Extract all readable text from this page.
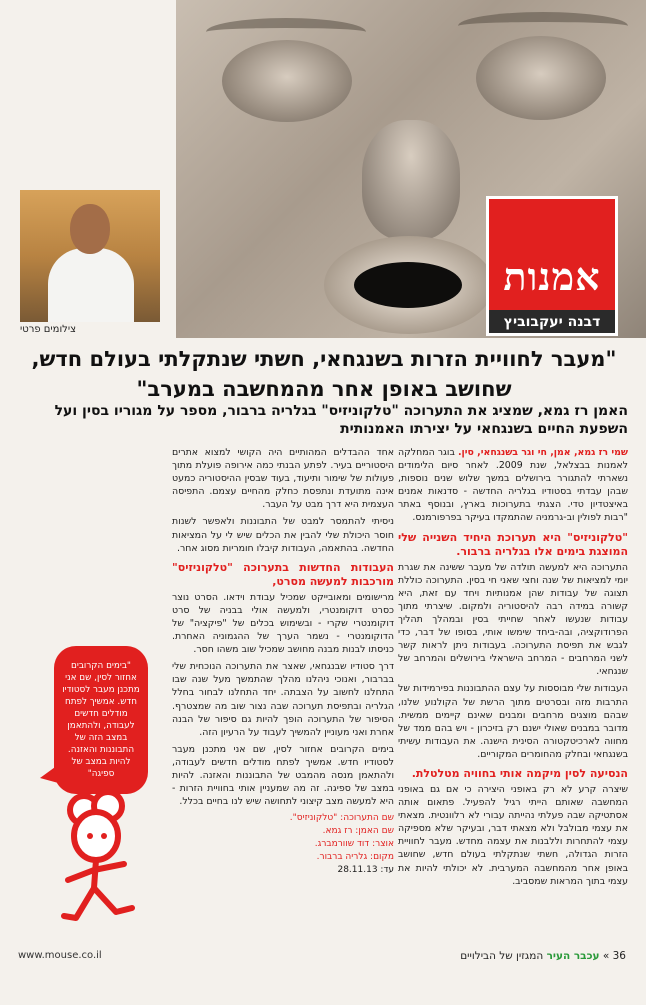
אמנות
דבנה יעקבוביץ
צילומים פרטי
"מעבר לחוויית הזרות בשנגחאי, חשתי שנתקלתי בעולם חדש, שחושב באופן אחר מהמחשבה במערב"
האמן רז גמא, שמציג את התערוכה "טלקוניזיס" בגלריה ברבור, מספר על מגוריו בסין ועל השפעת החיים בשנגחאי על יצירתו האמנותית

שמי רז גמא, אמן, חי וגר בשנגחאי, סין. בוגר המחלקה לאמנות בבצלאל, שנת 2009. לאחר סיום הלימודים נשארתי להתגורר בירושלים במשך שלוש שנים נוספות, שבהן עבדתי בסטודיו בגלריה החדשה - סדנאות אמנים באיצטדיון טדי. הצגתי בתערוכות בארץ, ובנוסף באתר "רבות לפולין וב-גרמניה שהתמקדו בעיקר בפרפורמנס.

"טלקוניזיס" היא תערוכת היחיד השנייה שלי המוצגת בימים אלו בגלריה ברבור.

התערוכה היא למעשה תולדה של מעבר ששינה את שגרת יומי למציאות של שנה וחצי שאני חי בסין. התערוכה כוללת תצוגה של עבודות שהן אמנותיות ויחד עם זאת, היא קשורה במידה רבה להיסטוריה ולמקום. שיצרתי מתוך עבודות שנעשו לאחר שחייתי בסין ובמהלך תהליך הפרודוקציה, ובה-ביחד שימשו אותי, בסופו של דבר, כדי לגבש את תפיסת התערוכה. בעבודות ניתן לראות קשר לשני המרחבים - המרחב הישראלי בירושלים והמרחב של שנגחאי.

העבודות שלי מבוססות על עצם ההתבוננות בפירמידות של התרבות מזה ובסרטים מתוך הרשת של הקולנוע שלנו, שבהם מוצגים מרחבים ומבנים שאינם קיימים ממשית. מדובר במבנים שאולי ישנם רק בזיכרון - ויש בהם ממד של מחווה לארכיטקטורה הסינית הישנה. את העבודות עשיתי בשנגחאי ובחלק מהחומרים המקוריים.

הנסיעה לסין מיקמה אותי בחוויה מטלטלת.

שיצרה קרע לא רק באופני היצירה כי אם גם באופני המחשבה שאותם הייתי רגיל להפעיל. פתאום אותה אסתטיקה שבה פעלתי נהייתה עבורי לא רלוונטית. מצאתי את עצמי מבולבל ולא מצאתי דבר, ובעיקר שלא מספיקה עצמי להתחרות וללבנות את עצמה מחדש. מעבר לחוויית הזרות הגדולה, חשתי שנתקלתי בעולם חדש, שחושב באופן אחר מהמחשבה המערבית. לא יכולתי להיות את עצמי בתוך המראות שמסביב.

אחד ההבדלים המהותיים היה הקושי למצוא אתרים היסטוריים בעיר. לפתע הבנתי כמה אירופה פועלת מתוך פעולות של שימור ותיעוד, בעוד שבסין ההיסטוריה כמעט אינה מתועדת ונתפסת כחלק מהחיים עצמם. התפיסה העצמית היא דרך מבט על העבר.

ניסיתי להתמסר למבט של התבוננות ולאפשר לשנות חוסר היכולת שלי להבין את הכלים שיש לי על המציאות החדשה. בהתאמה, העבודות קיבלו חומריות מסוג אחר.

העבודות החדשות בתערוכה "טלקוניזיס" מורכבות למעשה מסרט,

מרישומים ומאובייקט שמכיל עבודת וידאו. הסרט נוצר כסרט דוקומנטרי, ולמעשה אולי בבניה של סרט דוקומנטרי שקרי - ובשימוש בכלים של "פיקציה" של הדוקומנטרי - נשמר הערך של ההגמוניה האחרת. כניסתו לבנות מבנה מחושב שמכיל שוב משהו חסר.

דרך סטודיו שבנגחאי, שאצר את התערוכה הנוכחית שלי בברבור, ואנוכי ניהלנו מהלך שהתמשך מעל שנה שבו התחלנו לחשוב על הצבתה. יחד התחלנו לבחור בחלל הגלריה ובתפיסת תערוכה שבה נצור שוב מה שמצטרף. הסיפור של התערוכה הופך להיות גם סיפור של הבנה אחרת ואני מעוניין להמשיך לעבוד על הרעיון הזה.

בימים הקרובים אחזור לסין, שם אני מתכנן מעבר לסטודיו חדש. אמשיך לפתח מודלים חדשים לעבודה, ולהתאמן מנסה מהמבט של התבוננות והאזנה. להיות במצב של ספיגה. זה מה שמעניין אותי בחוויית הזרות - היא למעשה מצב קיצוני לתחושה שיש לנו בחיים בכלל.

שם התערוכה: "טלקוניזיס".

שם האמן: רז גמא.

אוצר: דוד שוורמברג.

מקום: גלריה ברבור.

עד: 28.11.13

"בימים הקרובים אחזור לסין, שם אני מתכנן מעבר לסטודיו חדש. אמשיך לפתח מודלים חדשים לעבודה, ולהתאמן במצב הזה של התבוננות והאזנה. להיות במצב של ספיגה"
36 » עכבר העיר המגזין של הבילויים
www.mouse.co.il
